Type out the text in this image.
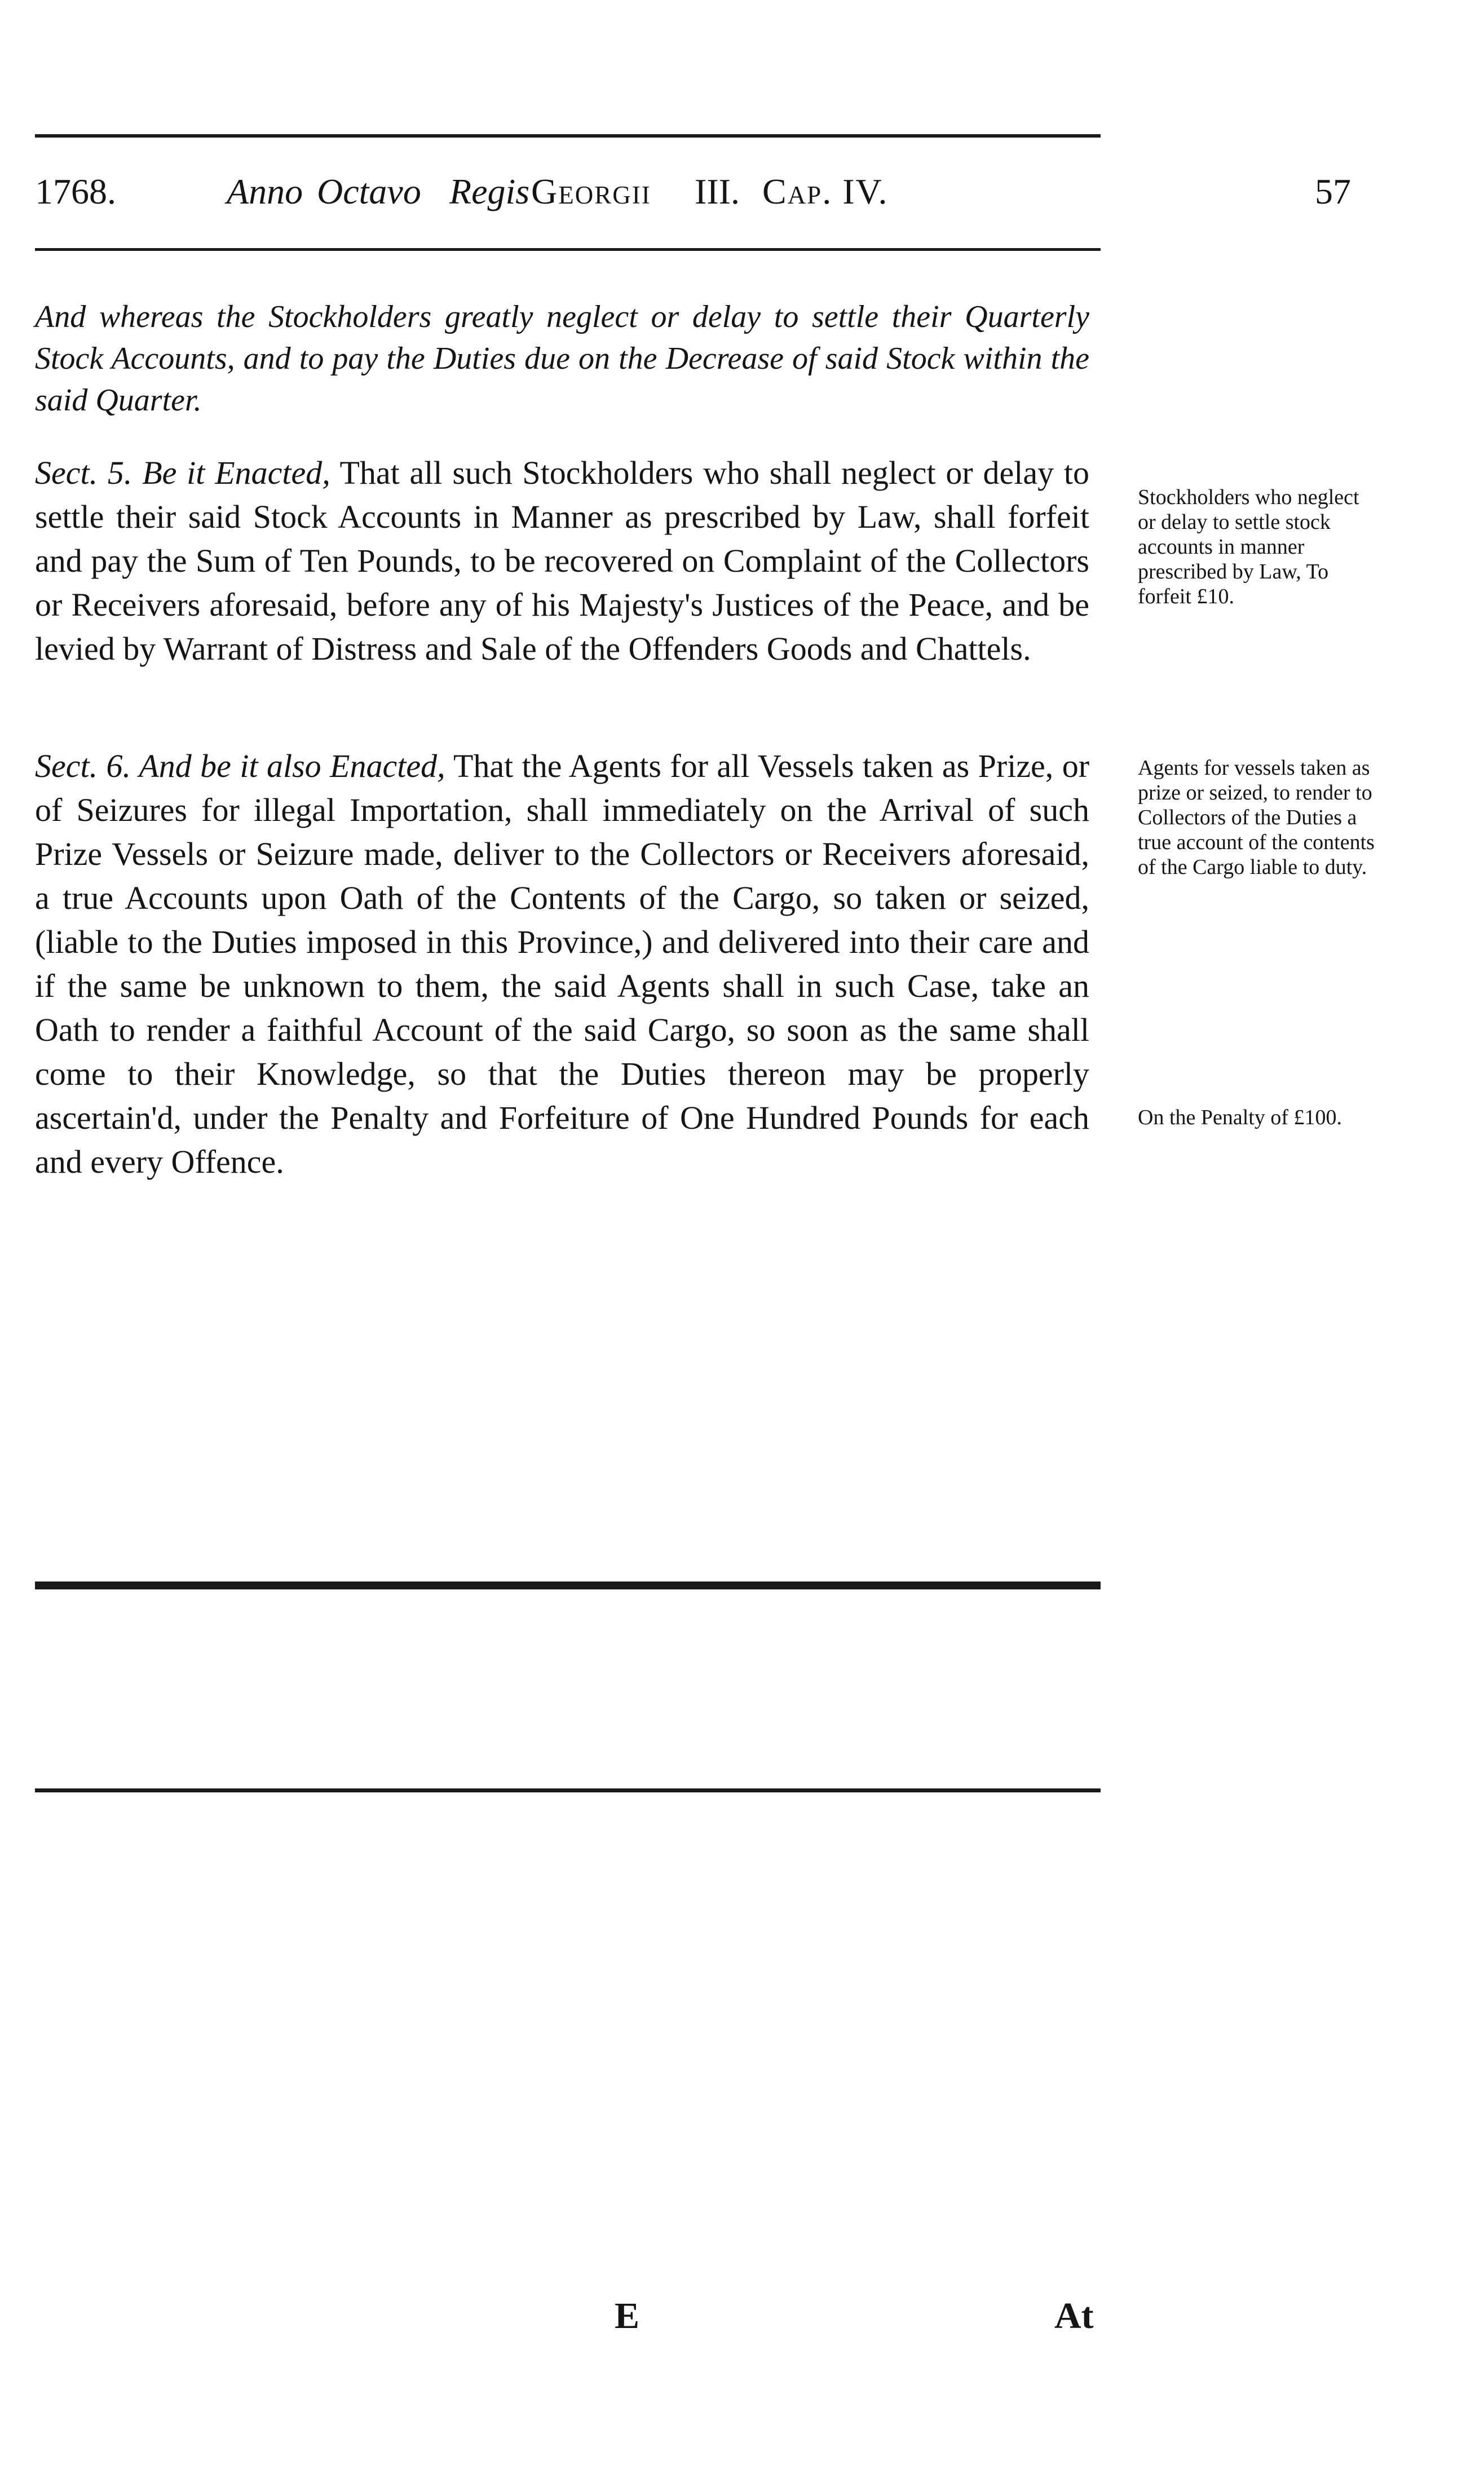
1768.	Anno Octavo Regis Georgii III. Cap. IV.	57

And whereas the Stockholders greatly neglect or delay to settle their Quarterly Stock Accounts, and to pay the Duties due on the Decrease of said Stock within the said Quarter.

Sect. 5. Be it Enacted, That all such Stockholders who shall neglect or delay to settle their said Stock Accounts in Manner as prescribed by Law, shall forfeit and pay the Sum of Ten Pounds, to be recovered on Complaint of the Collectors or Receivers aforesaid, before any of his Majesty's Justices of the Peace, and be levied by Warrant of Distress and Sale of the Offenders Goods and Chattels.

Sect. 6. And be it also Enacted, That the Agents for all Vessels taken as Prize, or of Seizures for illegal Importation, shall immediately on the Arrival of such Prize Vessels or Seizure made, deliver to the Collectors or Receivers aforesaid, a true Accounts upon Oath of the Contents of the Cargo, so taken or seized, (liable to the Duties imposed in this Province,) and delivered into their care and if the same be unknown to them, the said Agents shall in such Case, take an Oath to render a faithful Account of the said Cargo, so soon as the same shall come to their Knowledge, so that the Duties thereon may be properly ascertain'd, under the Penalty and Forfeiture of One Hundred Pounds for each and every Offence.

Stockholders who neglect or delay to settle stock accounts in manner prescribed by Law, To forfeit £10.
Agents for vessels taken as prize or seized, to render to Collectors of the Duties a true account of the contents of the Cargo liable to duty.
On the Penalty of £100.
E	At
